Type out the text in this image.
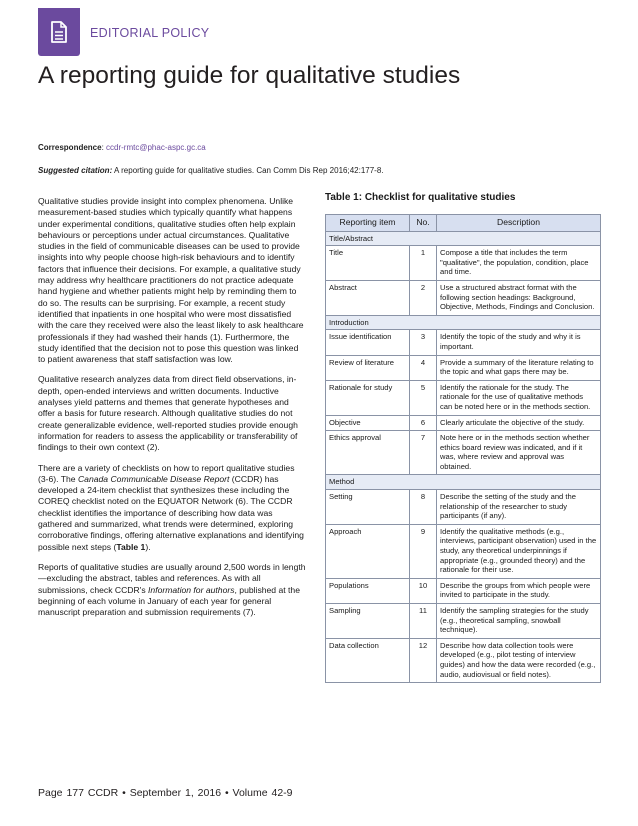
EDITORIAL POLICY
A reporting guide for qualitative studies
Correspondence: ccdr-rmtc@phac-aspc.gc.ca
Suggested citation: A reporting guide for qualitative studies. Can Comm Dis Rep 2016;42:177-8.

Qualitative studies provide insight into complex phenomena. Unlike measurement-based studies which typically quantify what happens under experimental conditions, qualitative studies often help explain behaviours or perceptions under actual circumstances. Qualitative studies in the field of communicable diseases can be used to provide insights into why people choose high-risk behaviours and to identify factors that influence their decisions. For example, a qualitative study may address why healthcare practitioners do not practice adequate hand hygiene and whether patients might help by reminding them to do so. The results can be surprising. For example, a recent study identified that inpatients in one hospital who were most dissatisfied with the care they received were also the least likely to ask healthcare professionals if they had washed their hands (1). Furthermore, the study identified that the decision not to pose this question was linked to patient awareness that staff satisfaction was low.

Qualitative research analyzes data from direct field observations, in-depth, open-ended interviews and written documents. Inductive analyses yield patterns and themes that generate hypotheses and offer a basis for future research. Although qualitative studies do not create generalizable evidence, well-reported studies provide enough information for readers to assess the applicability or transferability of findings to their own context (2).

There are a variety of checklists on how to report qualitative studies (3-6). The Canada Communicable Disease Report (CCDR) has developed a 24-item checklist that synthesizes these including the COREQ checklist noted on the EQUATOR Network (6). The CCDR checklist identifies the importance of describing how data was gathered and summarized, what trends were determined, exploring corroborative findings, offering alternative explanations and identifying possible next steps (Table 1).

Reports of qualitative studies are usually around 2,500 words in length—excluding the abstract, tables and references. As with all submissions, check CCDR's Information for authors, published at the beginning of each volume in January of each year for general manuscript preparation and submission requirements (7).

Table 1: Checklist for qualitative studies
Reporting item	No.	Description
Title/Abstract		
Title	1	Compose a title that includes the term "qualitative", the population, condition, place and time.
Abstract	2	Use a structured abstract format with the following section headings: Background, Objective, Methods, Findings and Conclusion.
Introduction		
Issue identification	3	Identify the topic of the study and why it is important.
Review of literature	4	Provide a summary of the literature relating to the topic and what gaps there may be.
Rationale for study	5	Identify the rationale for the study. The rationale for the use of qualitative methods can be noted here or in the methods section.
Objective	6	Clearly articulate the objective of the study.
Ethics approval	7	Note here or in the methods section whether ethics board review was indicated, and if it was, where review and approval was obtained.
Method		
Setting	8	Describe the setting of the study and the relationship of the researcher to study participants (if any).
Approach	9	Identify the qualitative methods (e.g., interviews, participant observation) used in the study, any theoretical underpinnings if appropriate (e.g., grounded theory) and the rationale for their use.
Populations	10	Describe the groups from which people were invited to participate in the study.
Sampling	11	Identify the sampling strategies for the study (e.g., theoretical sampling, snowball technique).
Data collection	12	Describe how data collection tools were developed (e.g., pilot testing of interview guides) and how the data were recorded (e.g., audio, audiovisual or field notes).
Page 177 CCDR • September 1, 2016 • Volume 42-9
